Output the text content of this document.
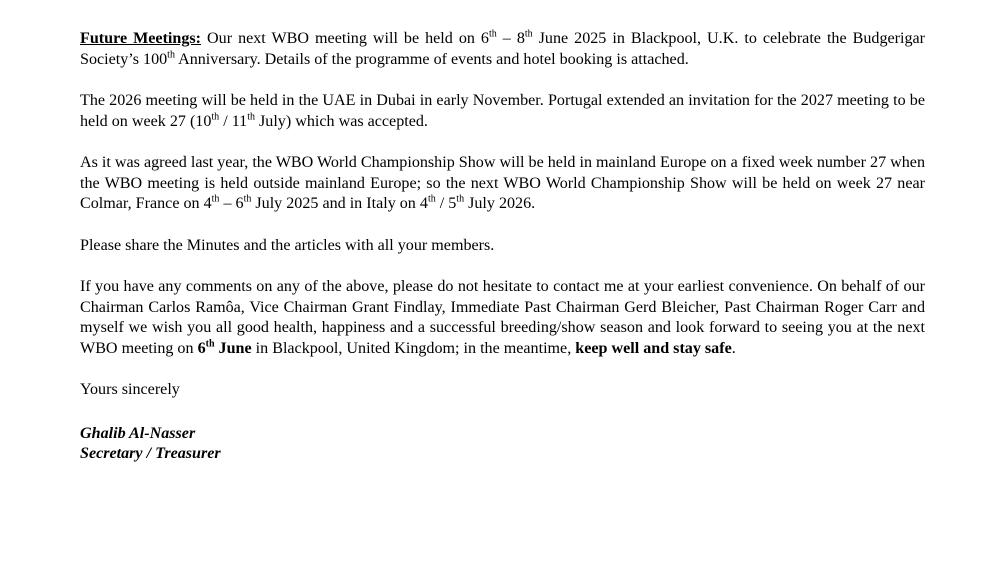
Future Meetings: Our next WBO meeting will be held on 6th – 8th June 2025 in Blackpool, U.K. to celebrate the Budgerigar Society’s 100th Anniversary. Details of the programme of events and hotel booking is attached.

The 2026 meeting will be held in the UAE in Dubai in early November. Portugal extended an invitation for the 2027 meeting to be held on week 27 (10th / 11th July) which was accepted.

As it was agreed last year, the WBO World Championship Show will be held in mainland Europe on a fixed week number 27 when the WBO meeting is held outside mainland Europe; so the next WBO World Championship Show will be held on week 27 near Colmar, France on 4th – 6th July 2025 and in Italy on 4th / 5th July 2026.

Please share the Minutes and the articles with all your members.

If you have any comments on any of the above, please do not hesitate to contact me at your earliest convenience. On behalf of our Chairman Carlos Ramôa, Vice Chairman Grant Findlay, Immediate Past Chairman Gerd Bleicher, Past Chairman Roger Carr and myself we wish you all good health, happiness and a successful breeding/show season and look forward to seeing you at the next WBO meeting on 6th June in Blackpool, United Kingdom; in the meantime, keep well and stay safe.

Yours sincerely

Ghalib Al-Nasser

Secretary / Treasurer
